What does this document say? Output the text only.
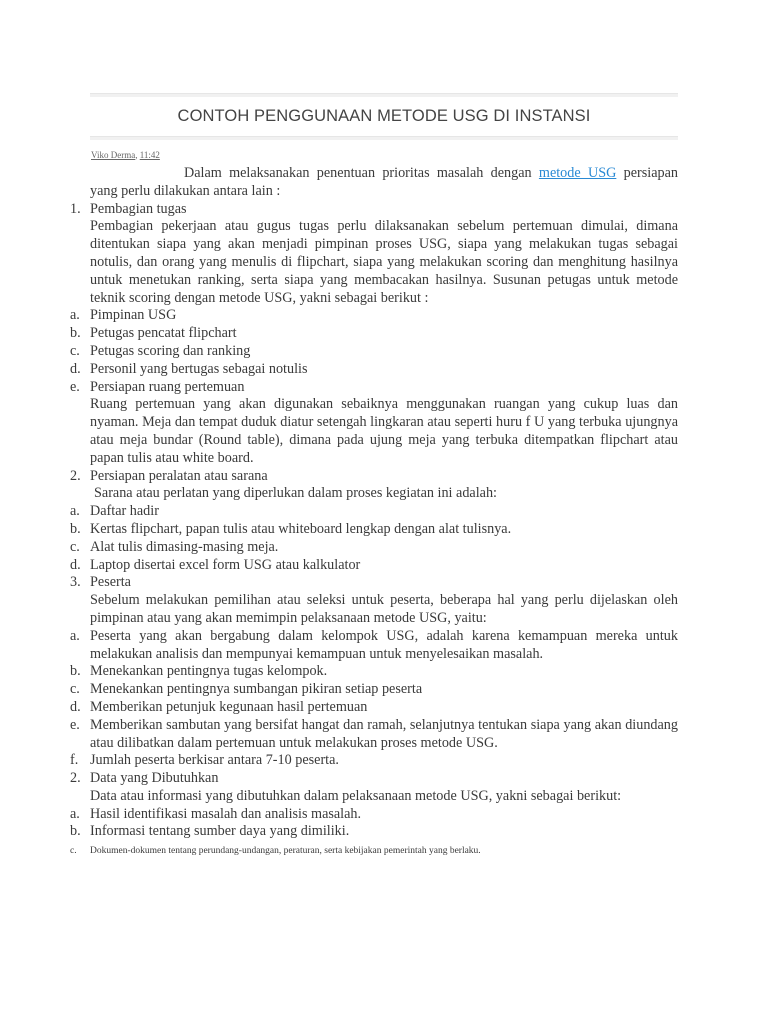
CONTOH PENGGUNAAN METODE USG DI INSTANSI
Viko Derma, 11:42
Dalam melaksanakan penentuan prioritas masalah dengan metode USG persiapan yang perlu dilakukan antara lain :
1. Pembagian tugas
Pembagian pekerjaan atau gugus tugas perlu dilaksanakan sebelum pertemuan dimulai, dimana ditentukan siapa yang akan menjadi pimpinan proses USG, siapa yang melakukan tugas sebagai notulis, dan orang yang menulis di flipchart, siapa yang melakukan scoring dan menghitung hasilnya untuk menetukan ranking, serta siapa yang membacakan hasilnya. Susunan petugas untuk metode teknik scoring dengan metode USG, yakni sebagai berikut :
a. Pimpinan USG
b. Petugas pencatat flipchart
c. Petugas scoring dan ranking
d. Personil yang bertugas sebagai notulis
e. Persiapan ruang pertemuan
Ruang pertemuan yang akan digunakan sebaiknya menggunakan ruangan yang cukup luas dan nyaman. Meja dan tempat duduk diatur setengah lingkaran atau seperti huru f U yang terbuka ujungnya atau meja bundar (Round table), dimana pada ujung meja yang terbuka ditempatkan flipchart atau papan tulis atau white board.
2. Persiapan peralatan atau sarana
Sarana atau perlatan yang diperlukan dalam proses kegiatan ini adalah:
a. Daftar hadir
b. Kertas flipchart, papan tulis atau whiteboard lengkap dengan alat tulisnya.
c. Alat tulis dimasing-masing meja.
d. Laptop disertai excel form USG atau kalkulator
3. Peserta
Sebelum melakukan pemilihan atau seleksi untuk peserta, beberapa hal yang perlu dijelaskan oleh pimpinan atau yang akan memimpin pelaksanaan metode USG, yaitu:
a. Peserta yang akan bergabung dalam kelompok USG, adalah karena kemampuan mereka untuk melakukan analisis dan mempunyai kemampuan untuk menyelesaikan masalah.
b. Menekankan pentingnya tugas kelompok.
c. Menekankan pentingnya sumbangan pikiran setiap peserta
d. Memberikan petunjuk kegunaan hasil pertemuan
e. Memberikan sambutan yang bersifat hangat dan ramah, selanjutnya tentukan siapa yang akan diundang atau dilibatkan dalam pertemuan untuk melakukan proses metode USG.
f. Jumlah peserta berkisar antara 7-10 peserta.
2. Data yang Dibutuhkan
Data atau informasi yang dibutuhkan dalam pelaksanaan metode USG, yakni sebagai berikut:
a. Hasil identifikasi masalah dan analisis masalah.
b. Informasi tentang sumber daya yang dimiliki.
c.	Dokumen-dokumen tentang perundang-undangan, peraturan, serta kebijakan pemerintah yang berlaku.
